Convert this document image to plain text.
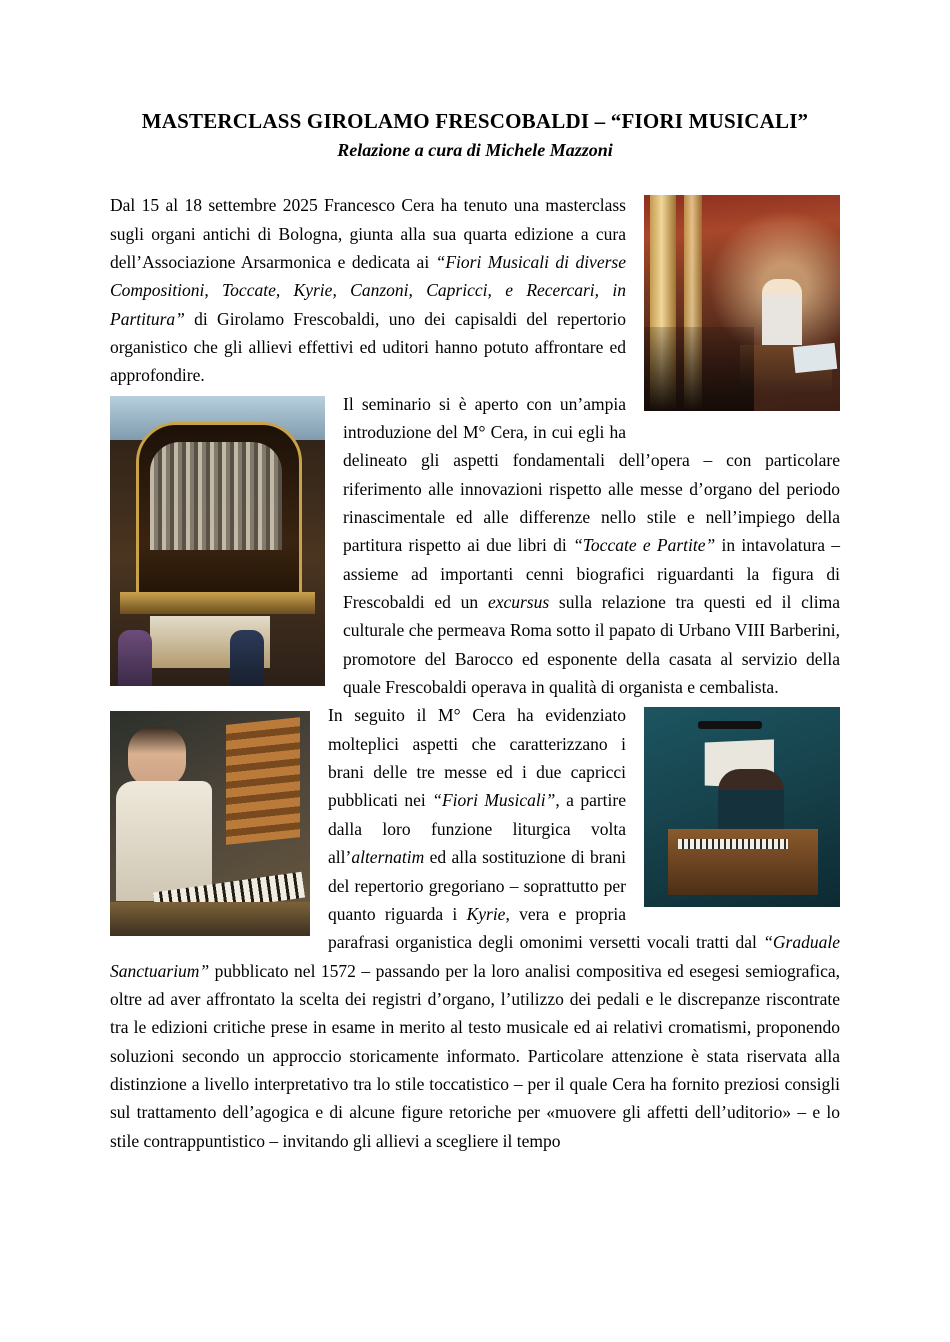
MASTERCLASS GIROLAMO FRESCOBALDI – “FIORI MUSICALI”
Relazione a cura di Michele Mazzoni

Dal 15 al 18 settembre 2025 Francesco Cera ha tenuto una masterclass sugli organi antichi di Bologna, giunta alla sua quarta edizione a cura dell’Associazione Arsarmonica e dedicata ai “Fiori Musicali di diverse Compositioni, Toccate, Kyrie, Canzoni, Capricci, e Recercari, in Partitura” di Girolamo Frescobaldi, uno dei capisaldi del repertorio organistico che gli allievi effettivi ed uditori hanno potuto affrontare ed approfondire.

Il seminario si è aperto con un’ampia introduzione del M° Cera, in cui egli ha delineato gli aspetti fondamentali dell’opera – con particolare riferimento alle innovazioni rispetto alle messe d’organo del periodo rinascimentale ed alle differenze nello stile e nell’impiego della partitura rispetto ai due libri di “Toccate e Partite” in intavolatura – assieme ad importanti cenni biografici riguardanti la figura di Frescobaldi ed un excursus sulla relazione tra questi ed il clima culturale che permeava Roma sotto il papato di Urbano VIII Barberini, promotore del Barocco ed esponente della casata al servizio della quale Frescobaldi operava in qualità di organista e cembalista.

In seguito il M° Cera ha evidenziato molteplici aspetti che caratterizzano i brani delle tre messe ed i due capricci pubblicati nei “Fiori Musicali”, a partire dalla loro funzione liturgica volta all’alternatim ed alla sostituzione di brani del repertorio gregoriano – soprattutto per quanto riguarda i Kyrie, vera e propria parafrasi organistica degli omonimi versetti vocali tratti dal “Graduale Sanctuarium” pubblicato nel 1572 – passando per la loro analisi compositiva ed esegesi semiografica, oltre ad aver affrontato la scelta dei registri d’organo, l’utilizzo dei pedali e le discrepanze riscontrate tra le edizioni critiche prese in esame in merito al testo musicale ed ai relativi cromatismi, proponendo soluzioni secondo un approccio storicamente informato. Particolare attenzione è stata riservata alla distinzione a livello interpretativo tra lo stile toccatistico – per il quale Cera ha fornito preziosi consigli sul trattamento dell’agogica e di alcune figure retoriche per «muovere gli affetti dell’uditorio» – e lo stile contrappuntistico – invitando gli allievi a scegliere il tempo
